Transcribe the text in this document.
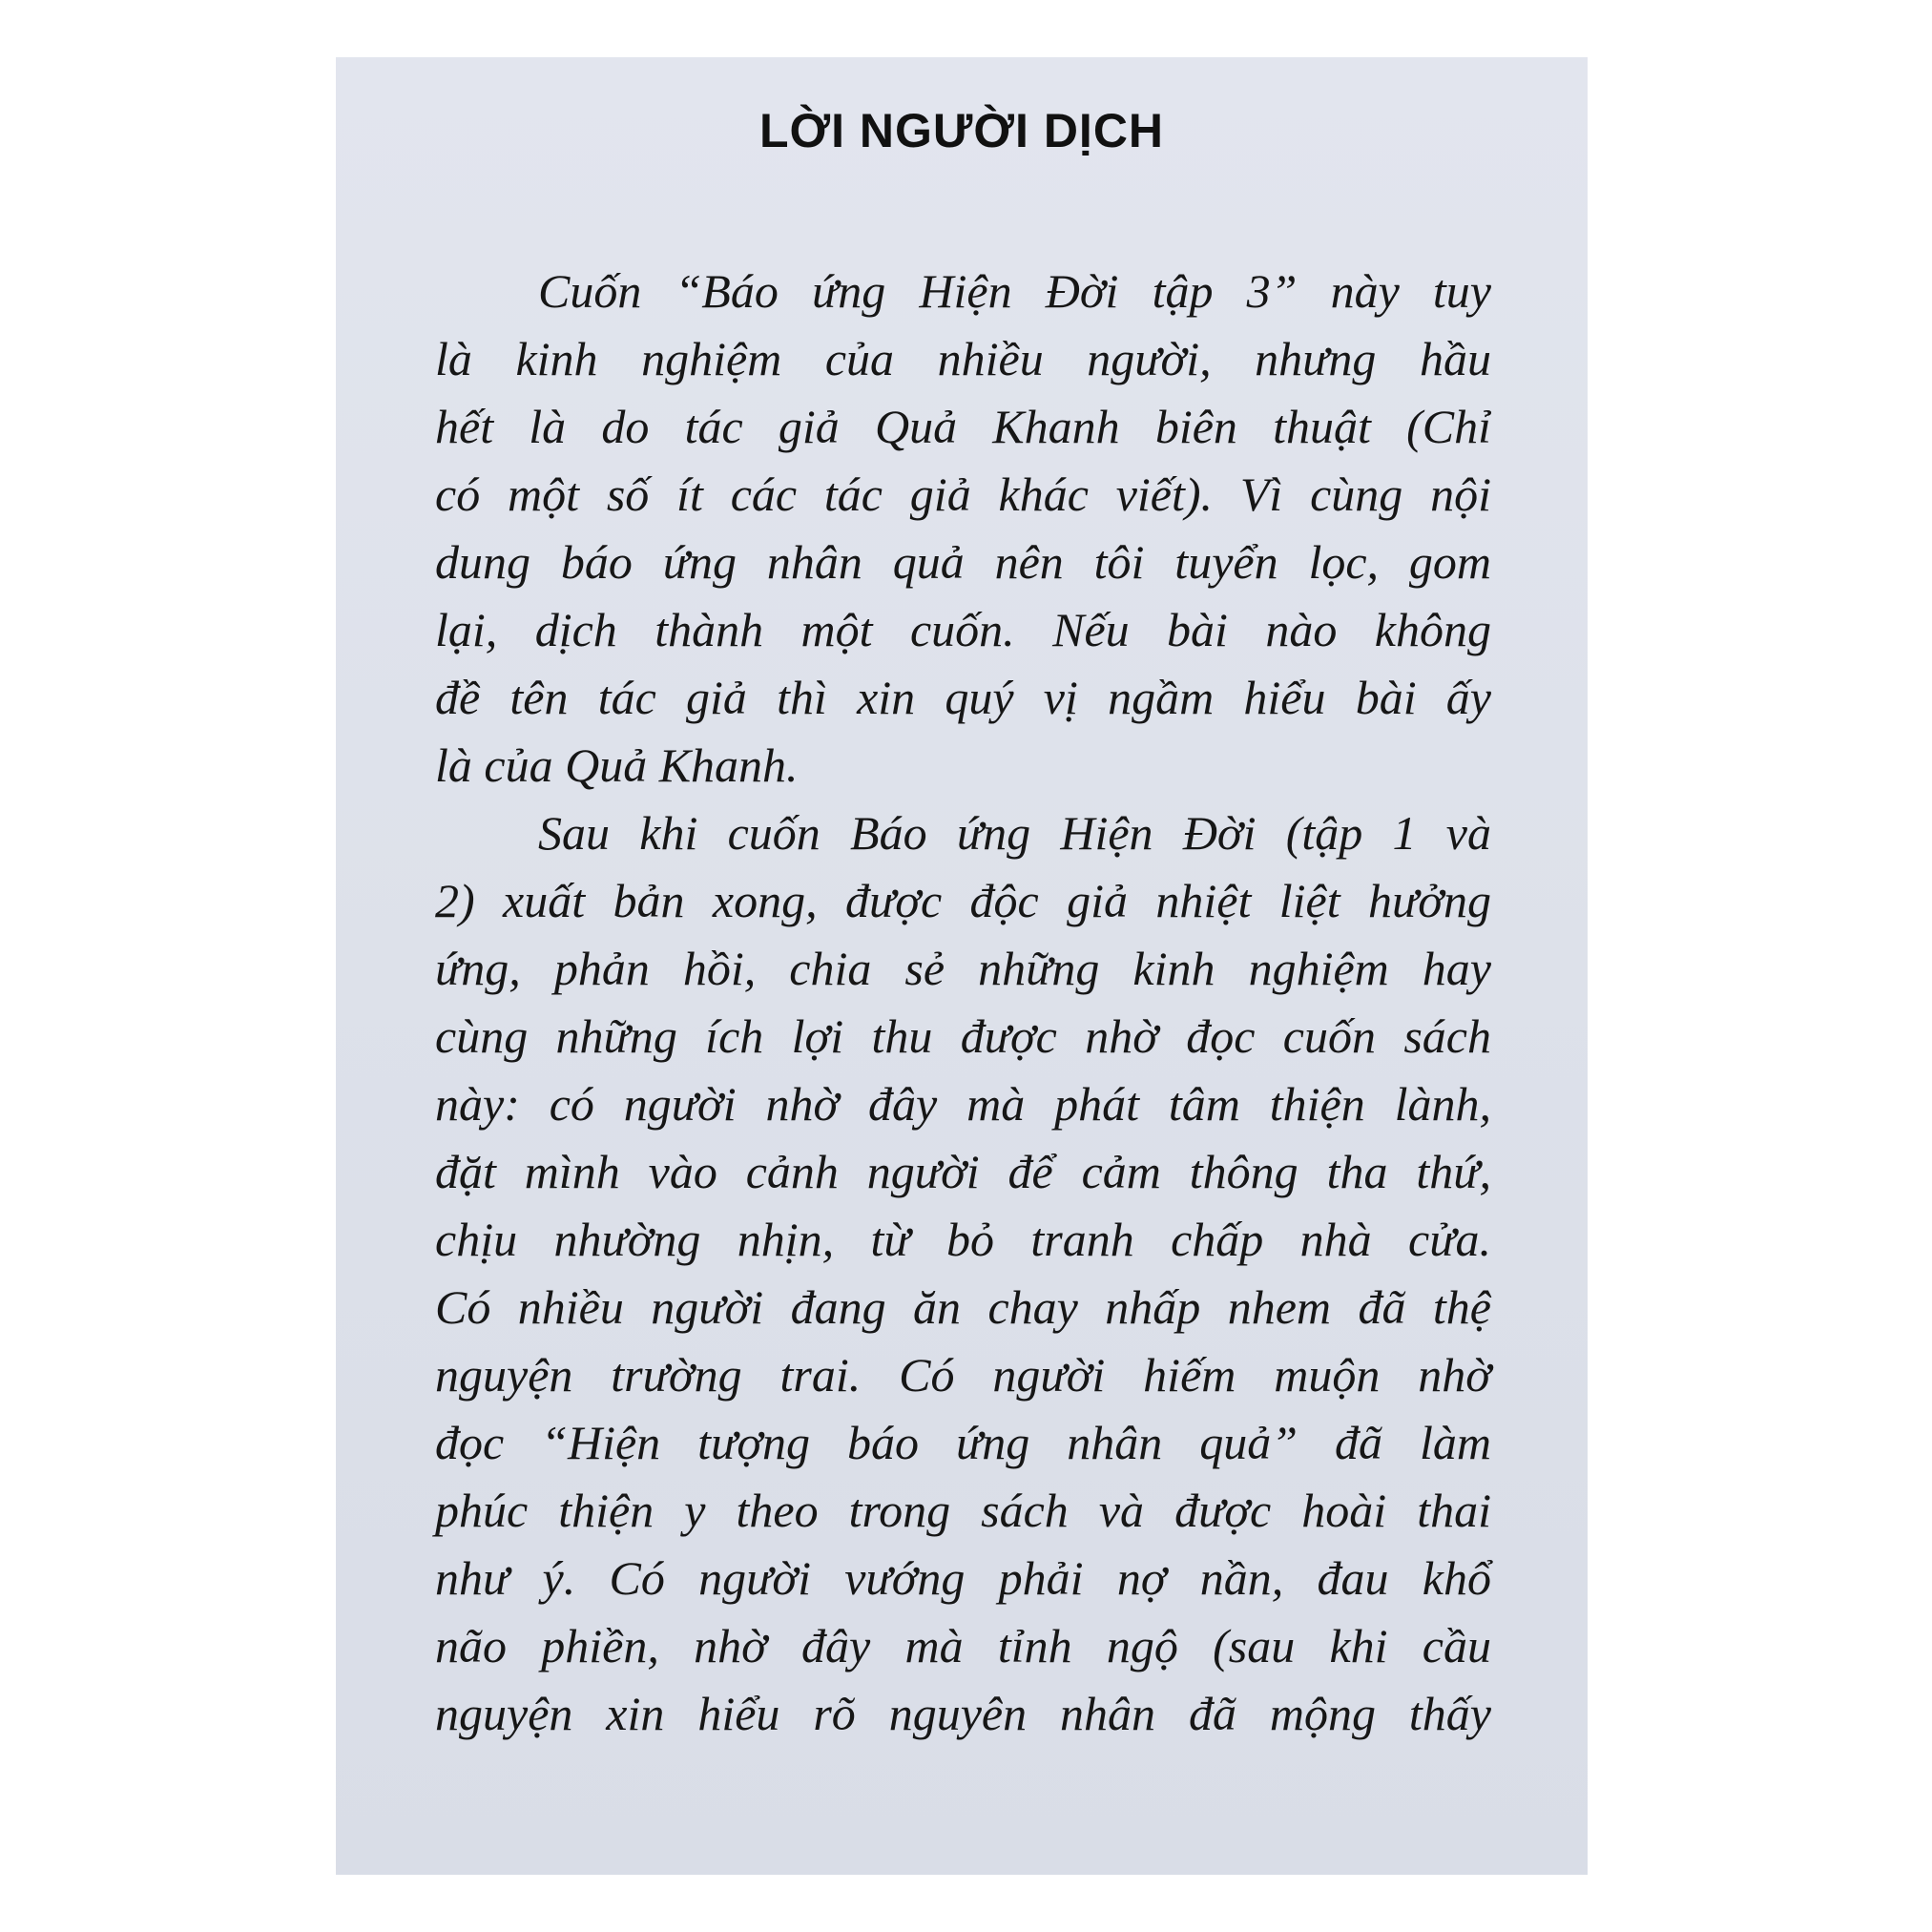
LỜI NGƯỜI DỊCH
Cuốn “Báo ứng Hiện Đời tập 3” này tuy
là kinh nghiệm của nhiều người, nhưng hầu
hết là do tác giả Quả Khanh biên thuật (Chỉ
có một số ít các tác giả khác viết). Vì cùng nội
dung báo ứng nhân quả nên tôi tuyển lọc, gom
lại, dịch thành một cuốn. Nếu bài nào không
đề tên tác giả thì xin quý vị ngầm hiểu bài ấy
là của Quả Khanh.
Sau khi cuốn Báo ứng Hiện Đời (tập 1 và
2) xuất bản xong, được độc giả nhiệt liệt hưởng
ứng, phản hồi, chia sẻ những kinh nghiệm hay
cùng những ích lợi thu được nhờ đọc cuốn sách
này: có người nhờ đây mà phát tâm thiện lành,
đặt mình vào cảnh người để cảm thông tha thứ,
chịu nhường nhịn, từ bỏ tranh chấp nhà cửa.
Có nhiều người đang ăn chay nhấp nhem đã thệ
nguyện trường trai. Có người hiếm muộn nhờ
đọc “Hiện tượng báo ứng nhân quả” đã làm
phúc thiện y theo trong sách và được hoài thai
như ý. Có người vướng phải nợ nần, đau khổ
não phiền, nhờ đây mà tỉnh ngộ (sau khi cầu
nguyện xin hiểu rõ nguyên nhân đã mộng thấy
